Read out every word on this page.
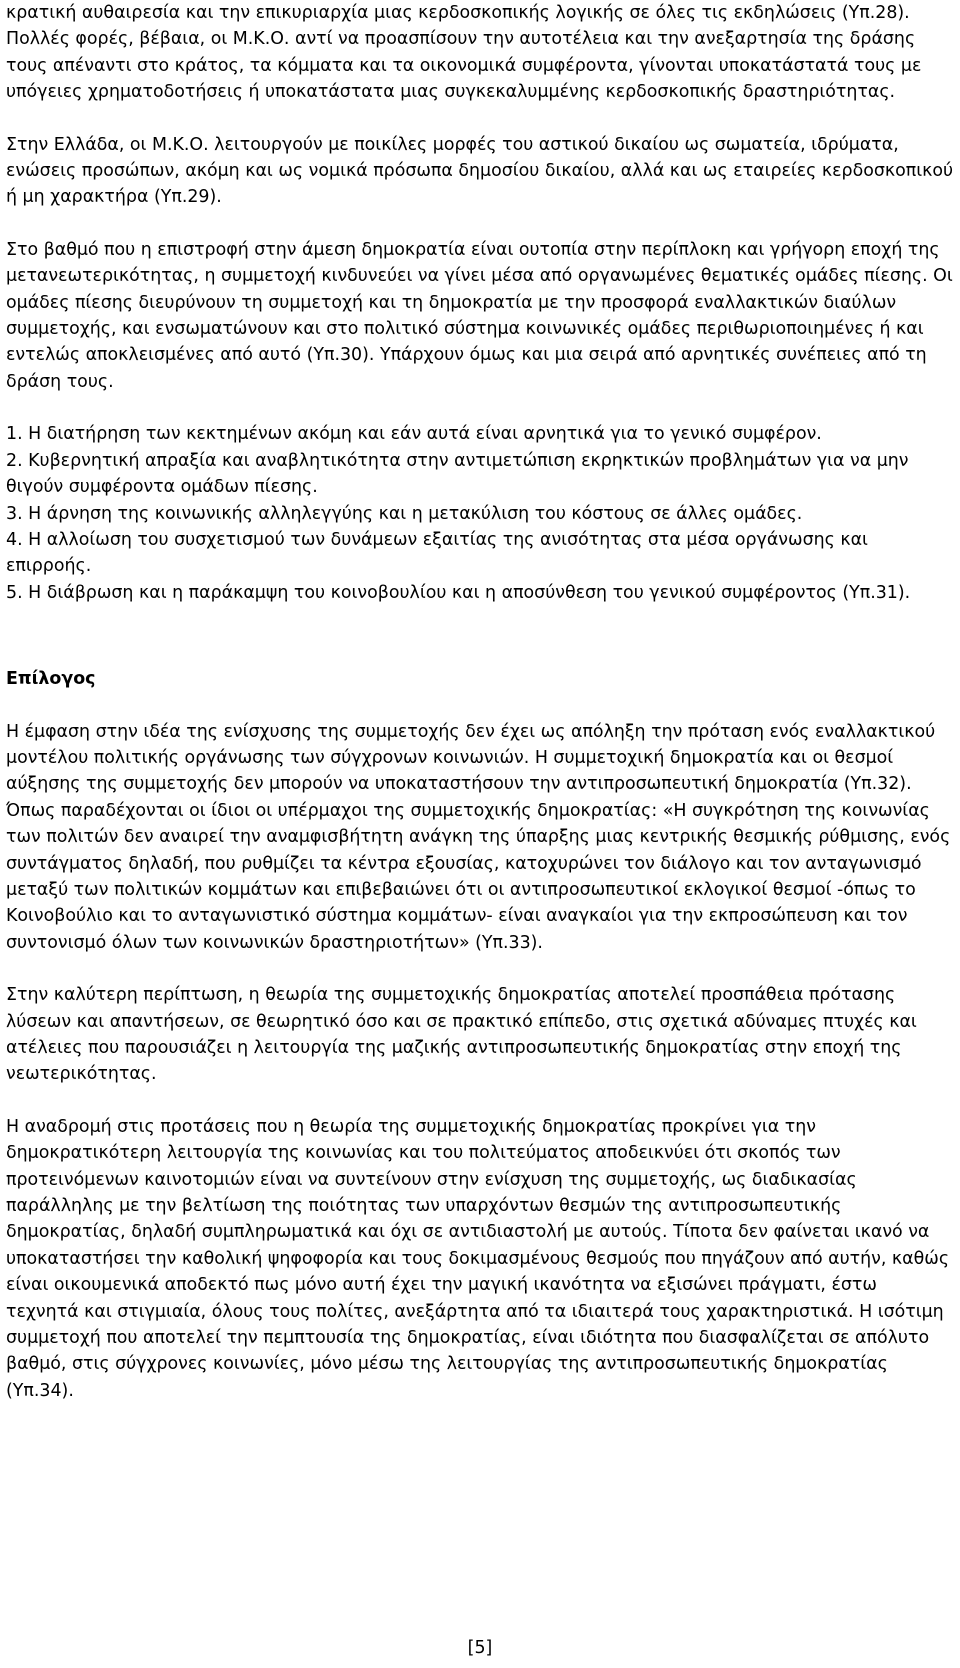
κρατική αυθαιρεσία και την επικυριαρχία μιας κερδοσκοπικής λογικής σε όλες τις εκδηλώσεις (Υπ.28). Πολλές φορές, βέβαια, οι Μ.Κ.Ο. αντί να προασπίσουν την αυτοτέλεια και την ανεξαρτησία της δράσης τους απέναντι στο κράτος, τα κόμματα και τα οικονομικά συμφέροντα, γίνονται υποκατάστατά τους με υπόγειες χρηματοδοτήσεις ή υποκατάστατα μιας συγκεκαλυμμένης κερδοσκοπικής δραστηριότητας.

Στην Ελλάδα, οι Μ.Κ.Ο. λειτουργούν με ποικίλες μορφές του αστικού δικαίου ως σωματεία, ιδρύματα, ενώσεις προσώπων, ακόμη και ως νομικά πρόσωπα δημοσίου δικαίου, αλλά και ως εταιρείες κερδοσκοπικού ή μη χαρακτήρα (Υπ.29).

Στο βαθμό που η επιστροφή στην άμεση δημοκρατία είναι ουτοπία στην περίπλοκη και γρήγορη εποχή της μετανεωτερικότητας, η συμμετοχή κινδυνεύει να γίνει μέσα από οργανωμένες θεματικές ομάδες πίεσης. Οι ομάδες πίεσης διευρύνουν τη συμμετοχή και τη δημοκρατία με την προσφορά εναλλακτικών διαύλων συμμετοχής, και ενσωματώνουν και στο πολιτικό σύστημα κοινωνικές ομάδες περιθωριοποιημένες ή και εντελώς αποκλεισμένες από αυτό (Υπ.30). Υπάρχουν όμως και μια σειρά από αρνητικές συνέπειες από τη δράση τους.

1. Η διατήρηση των κεκτημένων ακόμη και εάν αυτά είναι αρνητικά για το γενικό συμφέρον.

2. Κυβερνητική απραξία και αναβλητικότητα στην αντιμετώπιση εκρηκτικών προβλημάτων για να μην θιγούν συμφέροντα ομάδων πίεσης.

3. Η άρνηση της κοινωνικής αλληλεγγύης και η μετακύλιση του κόστους σε άλλες ομάδες.

4. Η αλλοίωση του συσχετισμού των δυνάμεων εξαιτίας της ανισότητας στα μέσα οργάνωσης και επιρροής.

5. Η διάβρωση και η παράκαμψη του κοινοβουλίου και η αποσύνθεση του γενικού συμφέροντος (Υπ.31).

Επίλογος

Η έμφαση στην ιδέα της ενίσχυσης της συμμετοχής δεν έχει ως απόληξη την πρόταση ενός εναλλακτικού μοντέλου πολιτικής οργάνωσης των σύγχρονων κοινωνιών. Η συμμετοχική δημοκρατία και οι θεσμοί αύξησης της συμμετοχής δεν μπορούν να υποκαταστήσουν την αντιπροσωπευτική δημοκρατία (Υπ.32). Όπως παραδέχονται οι ίδιοι οι υπέρμαχοι της συμμετοχικής δημοκρατίας: «Η συγκρότηση της κοινωνίας των πολιτών δεν αναιρεί την αναμφισβήτητη ανάγκη της ύπαρξης μιας κεντρικής θεσμικής ρύθμισης, ενός συντάγματος δηλαδή, που ρυθμίζει τα κέντρα εξουσίας, κατοχυρώνει τον διάλογο και τον ανταγωνισμό μεταξύ των πολιτικών κομμάτων και επιβεβαιώνει ότι οι αντιπροσωπευτικοί εκλογικοί θεσμοί -όπως το Κοινοβούλιο και το ανταγωνιστικό σύστημα κομμάτων- είναι αναγκαίοι για την εκπροσώπευση και τον συντονισμό όλων των κοινωνικών δραστηριοτήτων» (Υπ.33).

Στην καλύτερη περίπτωση, η θεωρία της συμμετοχικής δημοκρατίας αποτελεί προσπάθεια πρότασης λύσεων και απαντήσεων, σε θεωρητικό όσο και σε πρακτικό επίπεδο, στις σχετικά αδύναμες πτυχές και ατέλειες που παρουσιάζει η λειτουργία της μαζικής αντιπροσωπευτικής δημοκρατίας στην εποχή της νεωτερικότητας.

Η αναδρομή στις προτάσεις που η θεωρία της συμμετοχικής δημοκρατίας προκρίνει για την δημοκρατικότερη λειτουργία της κοινωνίας και του πολιτεύματος αποδεικνύει ότι σκοπός των προτεινόμενων καινοτομιών είναι να συντείνουν στην ενίσχυση της συμμετοχής, ως διαδικασίας παράλληλης με την βελτίωση της ποιότητας των υπαρχόντων θεσμών της αντιπροσωπευτικής δημοκρατίας, δηλαδή συμπληρωματικά και όχι σε αντιδιαστολή με αυτούς. Τίποτα δεν φαίνεται ικανό να υποκαταστήσει την καθολική ψηφοφορία και τους δοκιμασμένους θεσμούς που πηγάζουν από αυτήν, καθώς είναι οικουμενικά αποδεκτό πως μόνο αυτή έχει την μαγική ικανότητα να εξισώνει πράγματι, έστω τεχνητά και στιγμιαία, όλους τους πολίτες, ανεξάρτητα από τα ιδιαιτερά τους χαρακτηριστικά. Η ισότιμη συμμετοχή που αποτελεί την πεμπτουσία της δημοκρατίας, είναι ιδιότητα που διασφαλίζεται σε απόλυτο βαθμό, στις σύγχρονες κοινωνίες, μόνο μέσω της λειτουργίας της αντιπροσωπευτικής δημοκρατίας (Υπ.34).

[5]
